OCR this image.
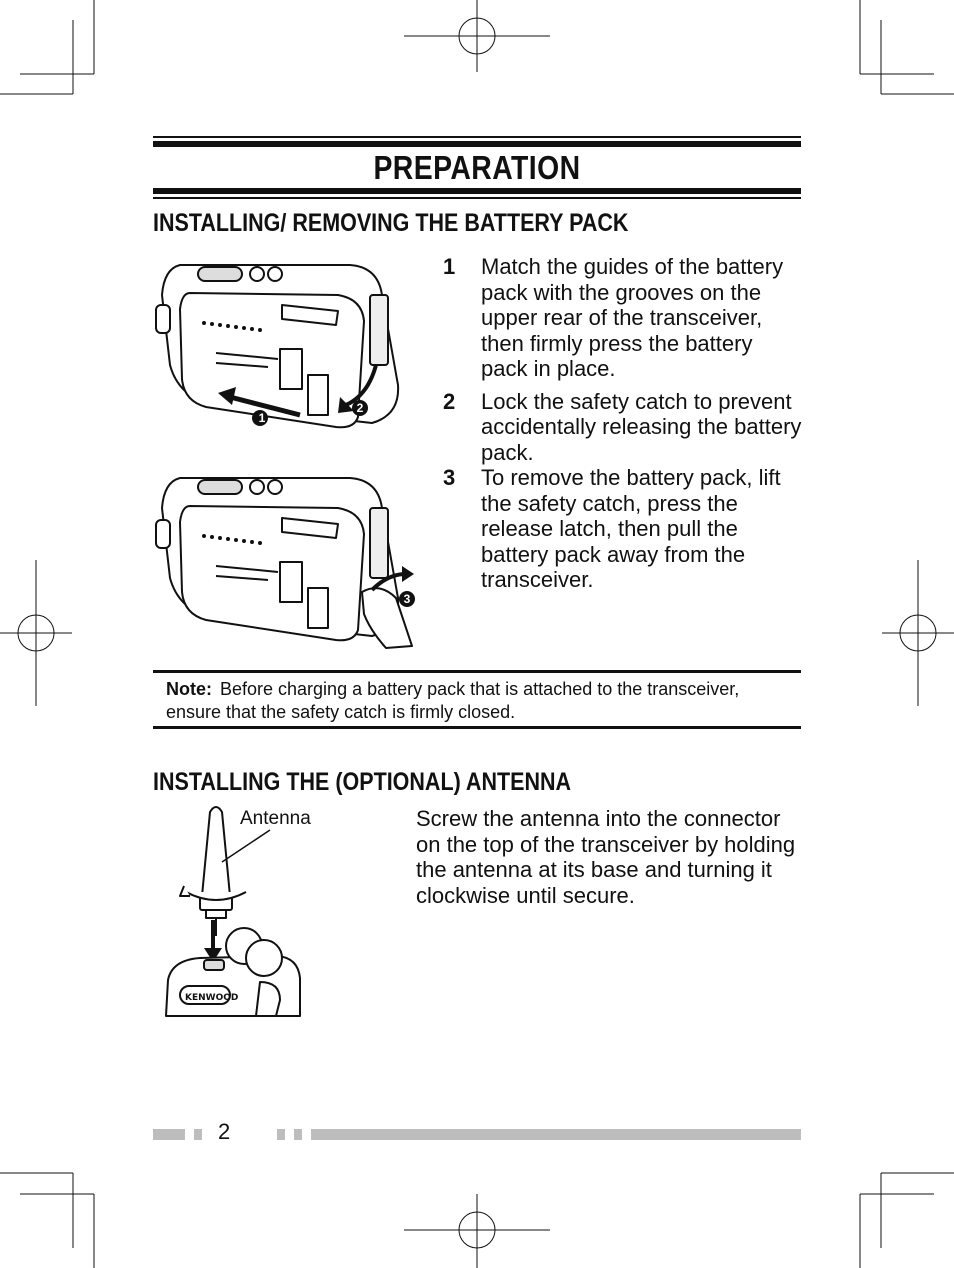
PREPARATION
INSTALLING/ REMOVING THE BATTERY PACK
1
2
3
1	Match the guides of the battery pack with the grooves on the upper rear of the transceiver, then firmly press the battery pack in place.
2	Lock the safety catch to prevent accidentally releasing the battery pack.
3	To remove the battery pack, lift the safety catch, press the release latch, then pull the battery pack away from the transceiver.

Note: Before charging a battery pack that is attached to the transceiver, ensure that the safety catch is firmly closed.

INSTALLING THE (OPTIONAL) ANTENNA
KENWOOD

Antenna	Screw the antenna into the connector on the top of the transceiver by holding the antenna at its base and turning it clockwise until secure.

2
